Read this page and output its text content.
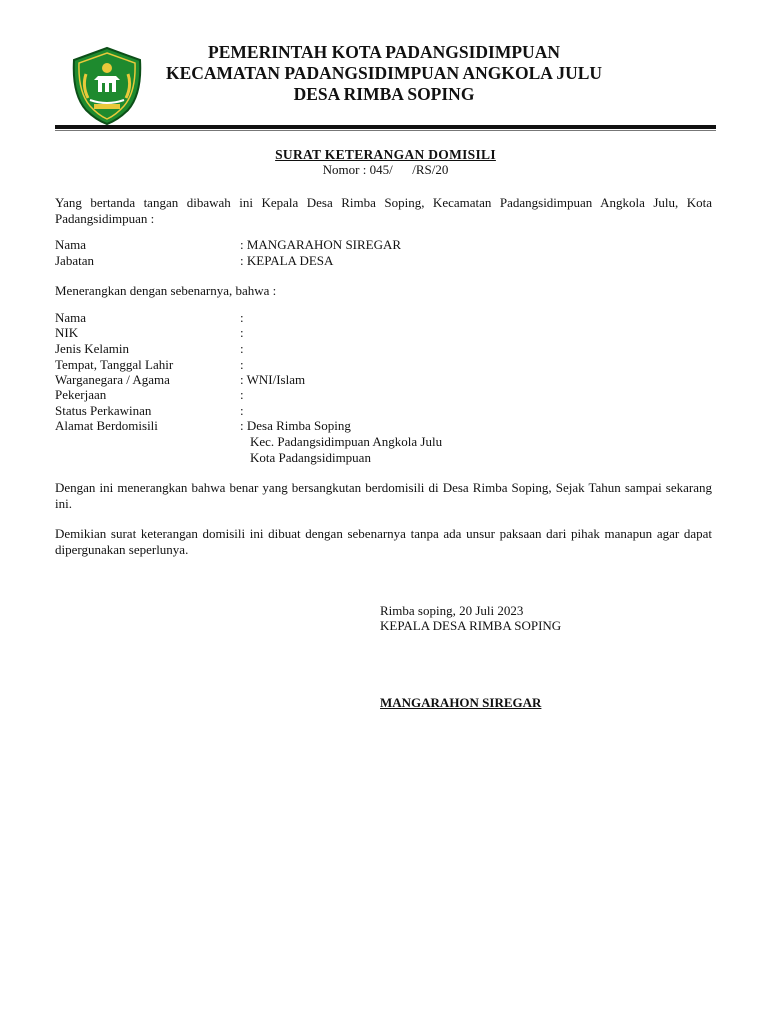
PEMERINTAH KOTA PADANGSIDIMPUAN
KECAMATAN PADANGSIDIMPUAN ANGKOLA JULU
DESA RIMBA SOPING
SURAT KETERANGAN DOMISILI
Nomor : 045/      /RS/20
Yang bertanda tangan dibawah ini Kepala Desa Rimba Soping, Kecamatan Padangsidimpuan Angkola Julu, Kota Padangsidimpuan :
Nama	: MANGARAHON SIREGAR
Jabatan	: KEPALA DESA
Menerangkan dengan sebenarnya, bahwa :
Nama	:
NIK	:
Jenis Kelamin	:
Tempat, Tanggal Lahir	:
Warganegara / Agama	: WNI/Islam
Pekerjaan	:
Status Perkawinan	:
Alamat Berdomisili	: Desa Rimba Soping
Kec. Padangsidimpuan Angkola Julu
Kota Padangsidimpuan
Dengan ini menerangkan bahwa benar yang bersangkutan berdomisili di Desa Rimba Soping, Sejak Tahun sampai sekarang ini.
Demikian surat keterangan domisili ini dibuat dengan sebenarnya tanpa ada unsur paksaan dari pihak manapun agar dapat dipergunakan seperlunya.
Rimba soping, 20 Juli 2023
KEPALA DESA RIMBA SOPING
MANGARAHON SIREGAR
